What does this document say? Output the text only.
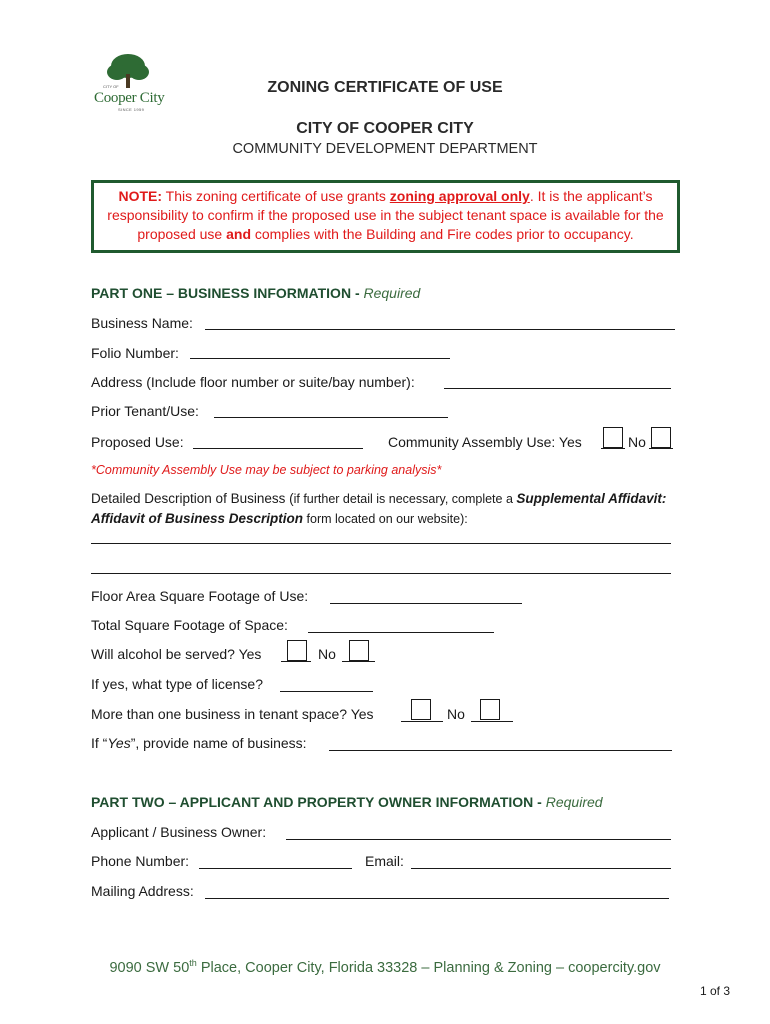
CITY OF
Cooper City
SINCE 1959
ZONING CERTIFICATE OF USE
CITY OF COOPER CITY
COMMUNITY DEVELOPMENT DEPARTMENT
NOTE: This zoning certificate of use grants zoning approval only. It is the applicant’s responsibility to confirm if the proposed use in the subject tenant space is available for the proposed use and complies with the Building and Fire codes prior to occupancy.
PART ONE – BUSINESS INFORMATION - Required
Business Name:
Folio Number:
Address (Include floor number or suite/bay number):
Prior Tenant/Use:
Proposed Use:	Community Assembly Use: Yes	No
*Community Assembly Use may be subject to parking analysis*
Detailed Description of Business (if further detail is necessary, complete a Supplemental Affidavit: Affidavit of Business Description form located on our website):
Floor Area Square Footage of Use:
Total Square Footage of Space:
Will alcohol be served? Yes	No
If yes, what type of license?
More than one business in tenant space? Yes	No
If “Yes”, provide name of business:
PART TWO – APPLICANT AND PROPERTY OWNER INFORMATION - Required
Applicant / Business Owner:
Phone Number:	Email:
Mailing Address:
9090 SW 50th Place, Cooper City, Florida 33328 – Planning & Zoning – coopercity.gov
1 of 3
